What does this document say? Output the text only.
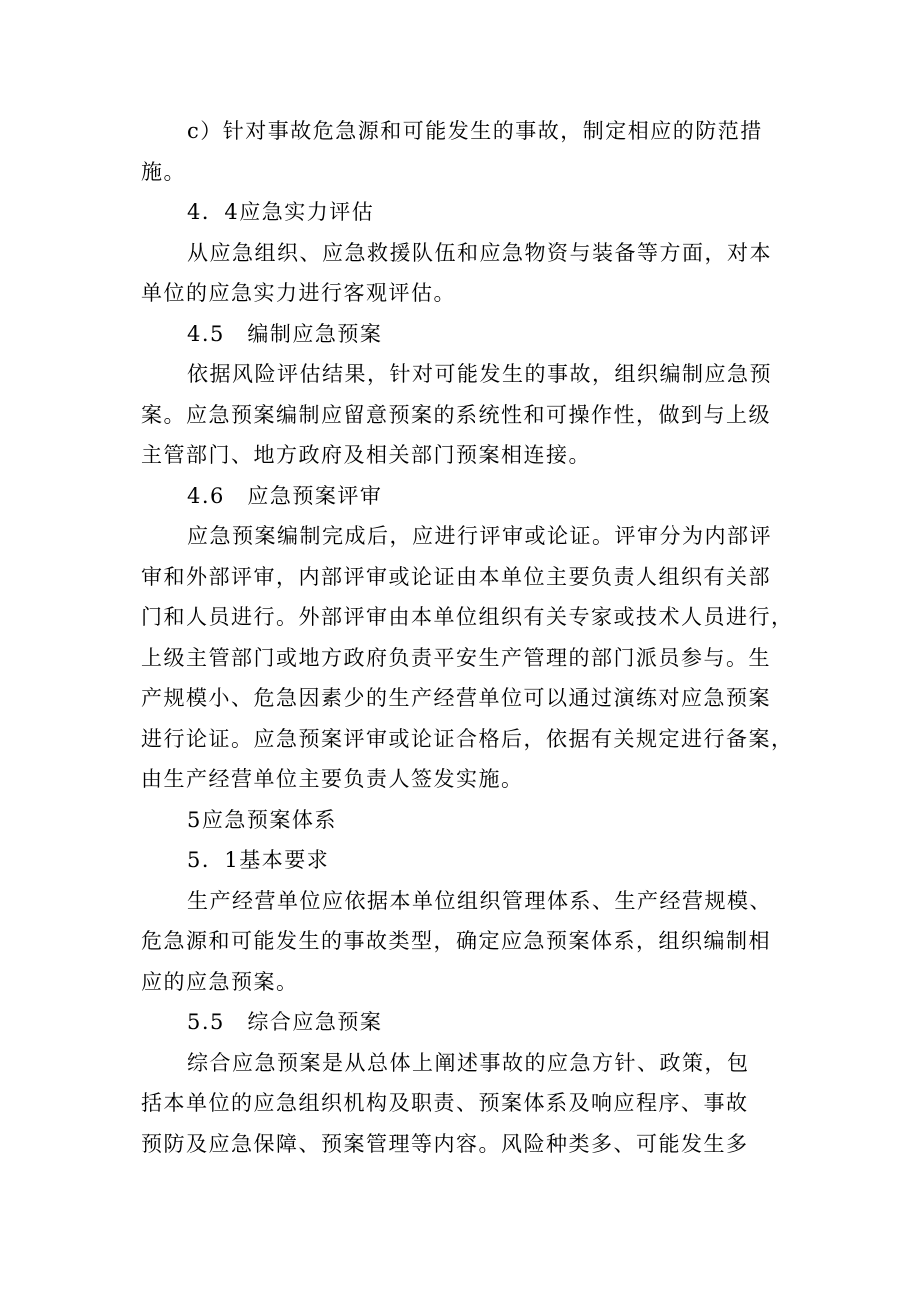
c）针对事故危急源和可能发生的事故，制定相应的防范措
施。
4．4应急实力评估
从应急组织、应急救援队伍和应急物资与装备等方面，对本
单位的应急实力进行客观评估。
4.5　编制应急预案
依据风险评估结果，针对可能发生的事故，组织编制应急预
案。应急预案编制应留意预案的系统性和可操作性，做到与上级
主管部门、地方政府及相关部门预案相连接。
4.6　应急预案评审
应急预案编制完成后，应进行评审或论证。评审分为内部评
审和外部评审，内部评审或论证由本单位主要负责人组织有关部
门和人员进行。外部评审由本单位组织有关专家或技术人员进行，
上级主管部门或地方政府负责平安生产管理的部门派员参与。生
产规模小、危急因素少的生产经营单位可以通过演练对应急预案
进行论证。应急预案评审或论证合格后，依据有关规定进行备案，
由生产经营单位主要负责人签发实施。
5应急预案体系
5．1基本要求
生产经营单位应依据本单位组织管理体系、生产经营规模、
危急源和可能发生的事故类型，确定应急预案体系，组织编制相
应的应急预案。
5.5　综合应急预案
综合应急预案是从总体上阐述事故的应急方针、政策，包
括本单位的应急组织机构及职责、预案体系及响应程序、事故
预防及应急保障、预案管理等内容。风险种类多、可能发生多
